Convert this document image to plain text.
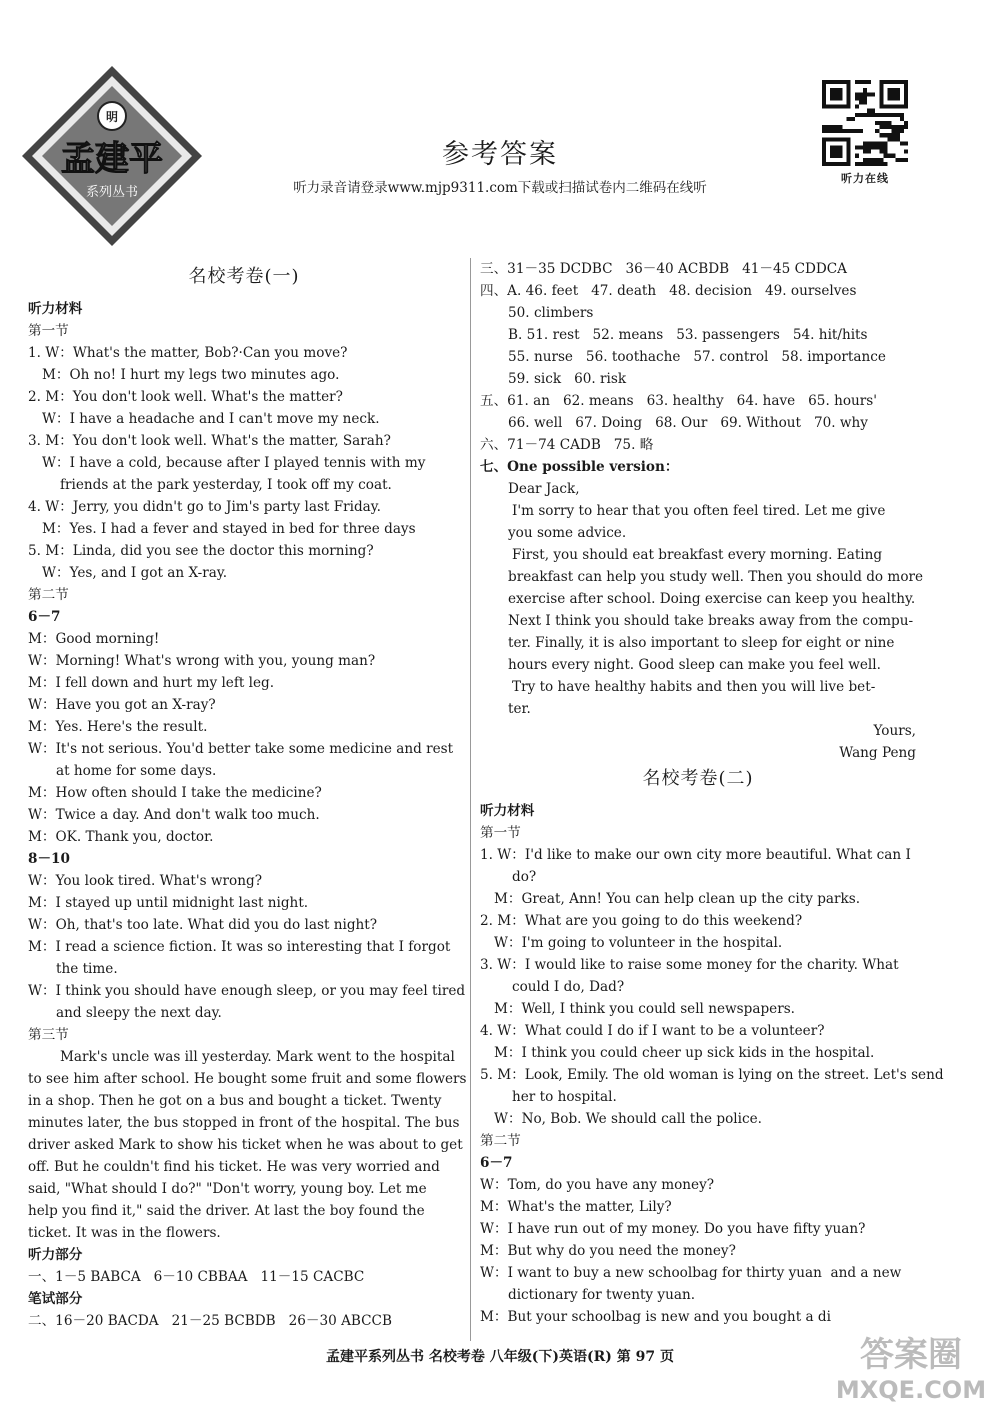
明
孟建平
系列丛书
参考答案
听力录音请登录www.mjp9311.com下载或扫描试卷内二维码在线听
听力在线
名校考卷(一)
听力材料
第一节
1. W：What's the matter, Bob?·Can you move?
M：Oh no! I hurt my legs two minutes ago.
2. M：You don't look well. What's the matter?
W：I have a headache and I can't move my neck.
3. M：You don't look well. What's the matter, Sarah?
W：I have a cold, because after I played tennis with my
friends at the park yesterday, I took off my coat.
4. W：Jerry, you didn't go to Jim's party last Friday.
M：Yes. I had a fever and stayed in bed for three days
5. M：Linda, did you see the doctor this morning?
W：Yes, and I got an X-ray.
第二节
6－7
M：Good morning!
W：Morning! What's wrong with you, young man?
M：I fell down and hurt my left leg.
W：Have you got an X-ray?
M：Yes. Here's the result.
W：It's not serious. You'd better take some medicine and rest
at home for some days.
M：How often should I take the medicine?
W：Twice a day. And don't walk too much.
M：OK. Thank you, doctor.
8－10
W：You look tired. What's wrong?
M：I stayed up until midnight last night.
W：Oh, that's too late. What did you do last night?
M：I read a science fiction. It was so interesting that I forgot
the time.
W：I think you should have enough sleep, or you may feel tired
and sleepy the next day.
第三节
Mark's uncle was ill yesterday. Mark went to the hospital
to see him after school. He bought some fruit and some flowers
in a shop. Then he got on a bus and bought a ticket. Twenty
minutes later, the bus stopped in front of the hospital. The bus
driver asked Mark to show his ticket when he was about to get
off. But he couldn't find his ticket. He was very worried and
said, "What should I do?" "Don't worry, young boy. Let me
help you find it," said the driver. At last the boy found the
ticket. It was in the flowers.
听力部分
一、1－5 BABCA   6－10 CBBAA   11－15 CACBC
笔试部分
二、16－20 BACDA   21－25 BCBDB   26－30 ABCCB
三、31－35 DCDBC   36－40 ACBDB   41－45 CDDCA
四、A. 46. feet   47. death   48. decision   49. ourselves
50. climbers
B. 51. rest   52. means   53. passengers   54. hit/hits
55. nurse   56. toothache   57. control   58. importance
59. sick   60. risk
五、61. an   62. means   63. healthy   64. have   65. hours'
66. well   67. Doing   68. Our   69. Without   70. why
六、71－74 CADB   75. 略
七、One possible version：
Dear Jack,
I'm sorry to hear that you often feel tired. Let me give
you some advice.
First, you should eat breakfast every morning. Eating
breakfast can help you study well. Then you should do more
exercise after school. Doing exercise can keep you healthy.
Next I think you should take breaks away from the compu-
ter. Finally, it is also important to sleep for eight or nine
hours every night. Good sleep can make you feel well.
Try to have healthy habits and then you will live bet-
ter.
Yours,
Wang Peng
名校考卷(二)
听力材料
第一节
1. W：I'd like to make our own city more beautiful. What can I
do?
M：Great, Ann! You can help clean up the city parks.
2. M：What are you going to do this weekend?
W：I'm going to volunteer in the hospital.
3. W：I would like to raise some money for the charity. What
could I do, Dad?
M：Well, I think you could sell newspapers.
4. W：What could I do if I want to be a volunteer?
M：I think you could cheer up sick kids in the hospital.
5. M：Look, Emily. The old woman is lying on the street. Let's send
her to hospital.
W：No, Bob. We should call the police.
第二节
6－7
W：Tom, do you have any money?
M：What's the matter, Lily?
W：I have run out of my money. Do you have fifty yuan?
M：But why do you need the money?
W：I want to buy a new schoolbag for thirty yuan  and a new
dictionary for twenty yuan.
M：But your schoolbag is new and you bought a di
孟建平系列丛书 名校考卷 八年级(下)英语(R) 第 97 页	答案圈
MXQE.COM
